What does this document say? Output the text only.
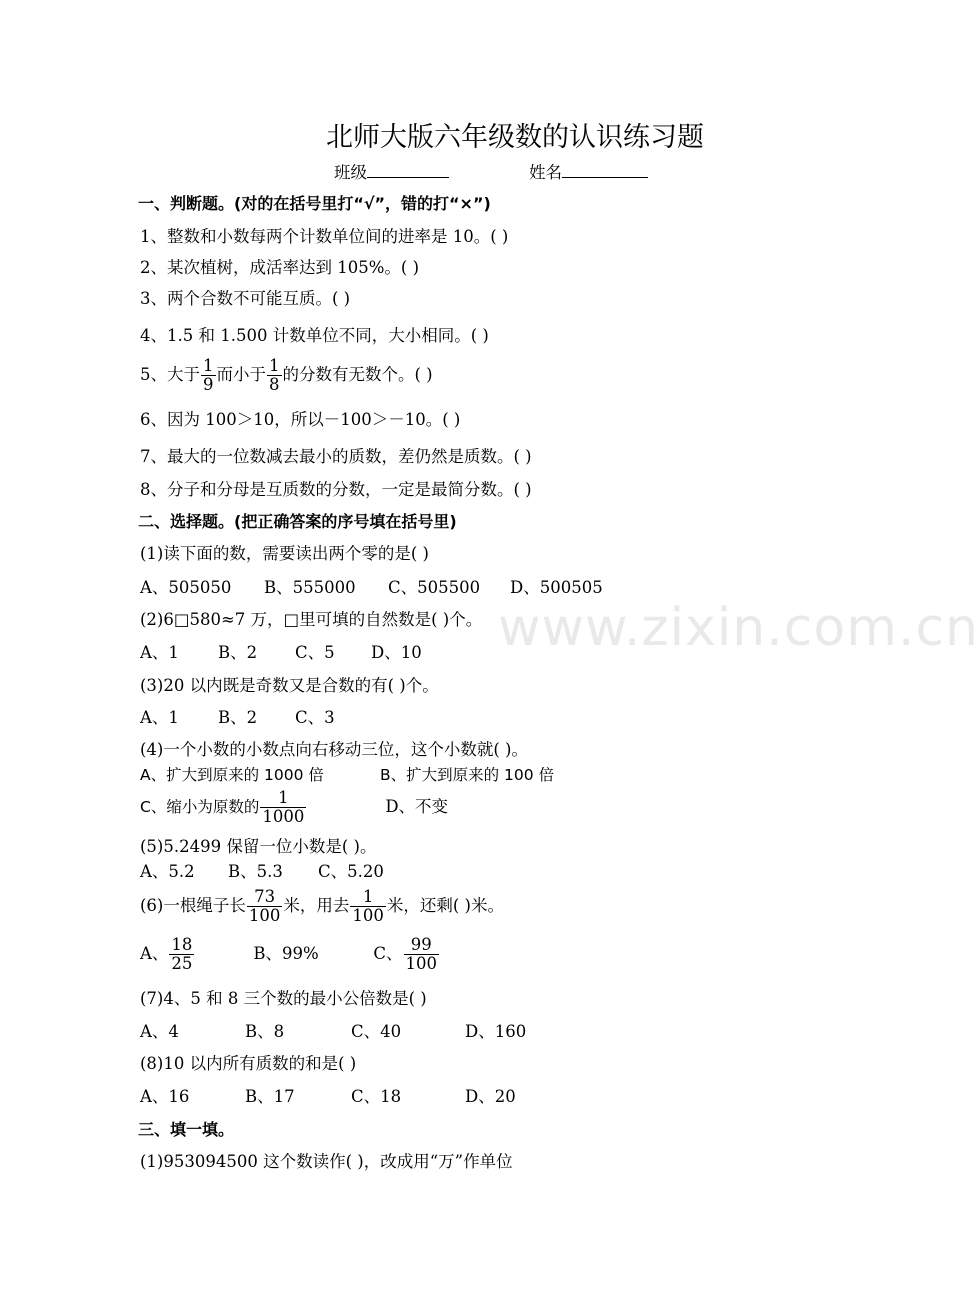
北师大版六年级数的认识练习题
班级	姓名
一、判断题。(对的在括号里打“√”，错的打“×”)
1、整数和小数每两个计数单位间的进率是 10。( )
2、某次植树，成活率达到 105%。( )
3、两个合数不可能互质。( )
4、1.5 和 1.500 计数单位不同，大小相同。( )
5、大于 $\frac{1}{9}$ 而小于 $\frac{1}{8}$ 的分数有无数个。( )
6、因为 100＞10，所以－100＞－10。( )
7、最大的一位数减去最小的质数，差仍然是质数。( )
8、分子和分母是互质数的分数，一定是最简分数。( )
二、选择题。(把正确答案的序号填在括号里)
(1)读下面的数，需要读出两个零的是( )
A、505050 B、555000 C、505500 D、500505
(2)6□580≈7 万，□里可填的自然数是( )个。
A、1 B、2 C、5 D、10
(3)20 以内既是奇数又是合数的有( )个。
A、1 B、2 C、3
(4)一个小数的小数点向右移动三位，这个小数就( )。
A、扩大到原来的 1000 倍	B、扩大到原来的 100 倍
C、缩小为原数的 $\frac{1}{1000}$	D、不变
(5)5.2499 保留一位小数是( )。
A、5.2 B、5.3 C、5.20
(6)一根绳子长 $\frac{73}{100}$ 米，用去 $\frac{1}{100}$ 米，还剩( )米。
A、 $\frac{18}{25}$	B、99%	C、 $\frac{99}{100}$
(7)4、5 和 8 三个数的最小公倍数是( )
A、4	B、8	C、40	D、160
(8)10 以内所有质数的和是( )
A、16	B、17	C、18	D、20
三、填一填。
(1)953094500 这个数读作( )，改成用“万”作单位
www.zixin.com.cn
